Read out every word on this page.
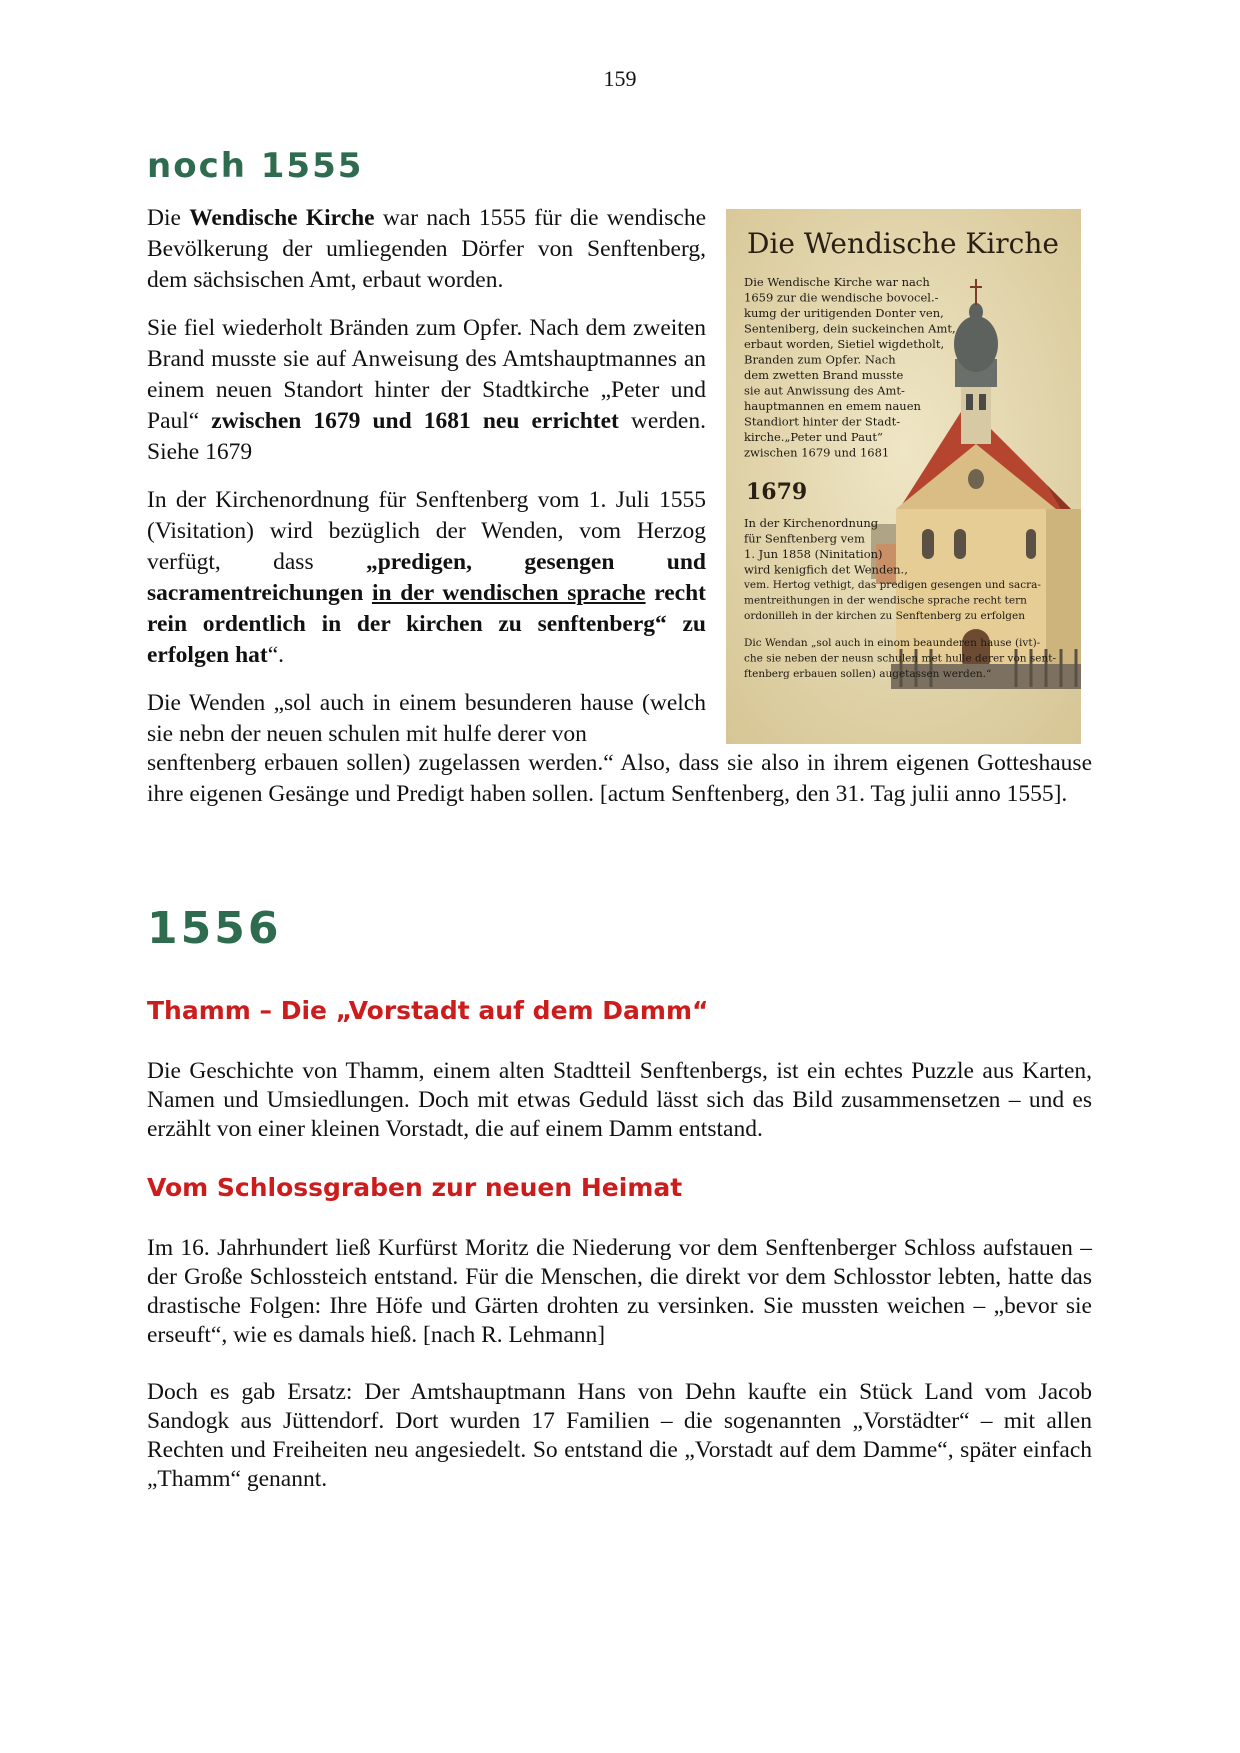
159
noch 1555

Die Wendische Kirche war nach 1555 für die wendische Bevölkerung der umliegenden Dörfer von Senftenberg, dem sächsischen Amt, erbaut worden.

Sie fiel wiederholt Bränden zum Opfer. Nach dem zweiten Brand musste sie auf Anweisung des Amtshauptmannes an einem neuen Standort hinter der Stadtkirche „Peter und Paul“ zwischen 1679 und 1681 neu errichtet werden. Siehe 1679

In der Kirchenordnung für Senftenberg vom 1. Juli 1555 (Visitation) wird bezüglich der Wenden, vom Herzog verfügt, dass „predigen, gesengen und sacramentreichungen in der wendischen sprache recht rein ordentlich in der kirchen zu senftenberg“ zu erfolgen hat“.

Die Wenden „sol auch in einem besunderen hause (welch sie nebn der neuen schulen mit hulfe derer von

senftenberg erbauen sollen) zugelassen werden.“ Also, dass sie also in ihrem eigenen Gotteshause ihre eigenen Gesänge und Predigt haben sollen. [actum Senftenberg, den 31. Tag julii anno 1555].

Die Wendische Kirche
Die Wendische Kirche war nach
1659 zur die wendische bovocel.-
kumg der uritigenden Donter ven,
Senteniberg, dein suckeinchen Amt,
erbaut worden, Sietiel wigdetholt,
Branden zum Opfer. Nach
dem zwetten Brand musste
sie aut Anwissung des Amt-
hauptmannen en emem nauen
Standiort hinter der Stadt-
kirche.„Peter und Paut“
zwischen 1679 und 1681
1679
In der Kirchenordnung
für Senftenberg vem
1. Jun 1858 (Ninitation)
wird kenigfich det Wenden.,
vem. Hertog vethigt, das predigen gesengen und sacra-
mentreithungen in der wendische sprache recht tern
ordonilleh in der kirchen zu Senftenberg zu erfolgen
Dic Wendan „sol auch in einom beaunderen hause (ivt)-
che sie neben der neusn schulen met hulle derer von sent-
ftenberg erbauen sollen) augetassen werden.“
1556
Thamm – Die „Vorstadt auf dem Damm“

Die Geschichte von Thamm, einem alten Stadtteil Senftenbergs, ist ein echtes Puzzle aus Karten, Namen und Umsiedlungen. Doch mit etwas Geduld lässt sich das Bild zusammensetzen – und es erzählt von einer kleinen Vorstadt, die auf einem Damm entstand.

Vom Schlossgraben zur neuen Heimat

Im 16. Jahrhundert ließ Kurfürst Moritz die Niederung vor dem Senftenberger Schloss aufstauen – der Große Schlossteich entstand. Für die Menschen, die direkt vor dem Schlosstor lebten, hatte das drastische Folgen: Ihre Höfe und Gärten drohten zu versinken. Sie mussten weichen – „bevor sie erseuft“, wie es damals hieß. [nach R. Lehmann]

Doch es gab Ersatz: Der Amtshauptmann Hans von Dehn kaufte ein Stück Land vom Jacob Sandogk aus Jüttendorf. Dort wurden 17 Familien – die sogenannten „Vorstädter“ – mit allen Rechten und Freiheiten neu angesiedelt. So entstand die „Vorstadt auf dem Damme“, später einfach „Thamm“ genannt.
